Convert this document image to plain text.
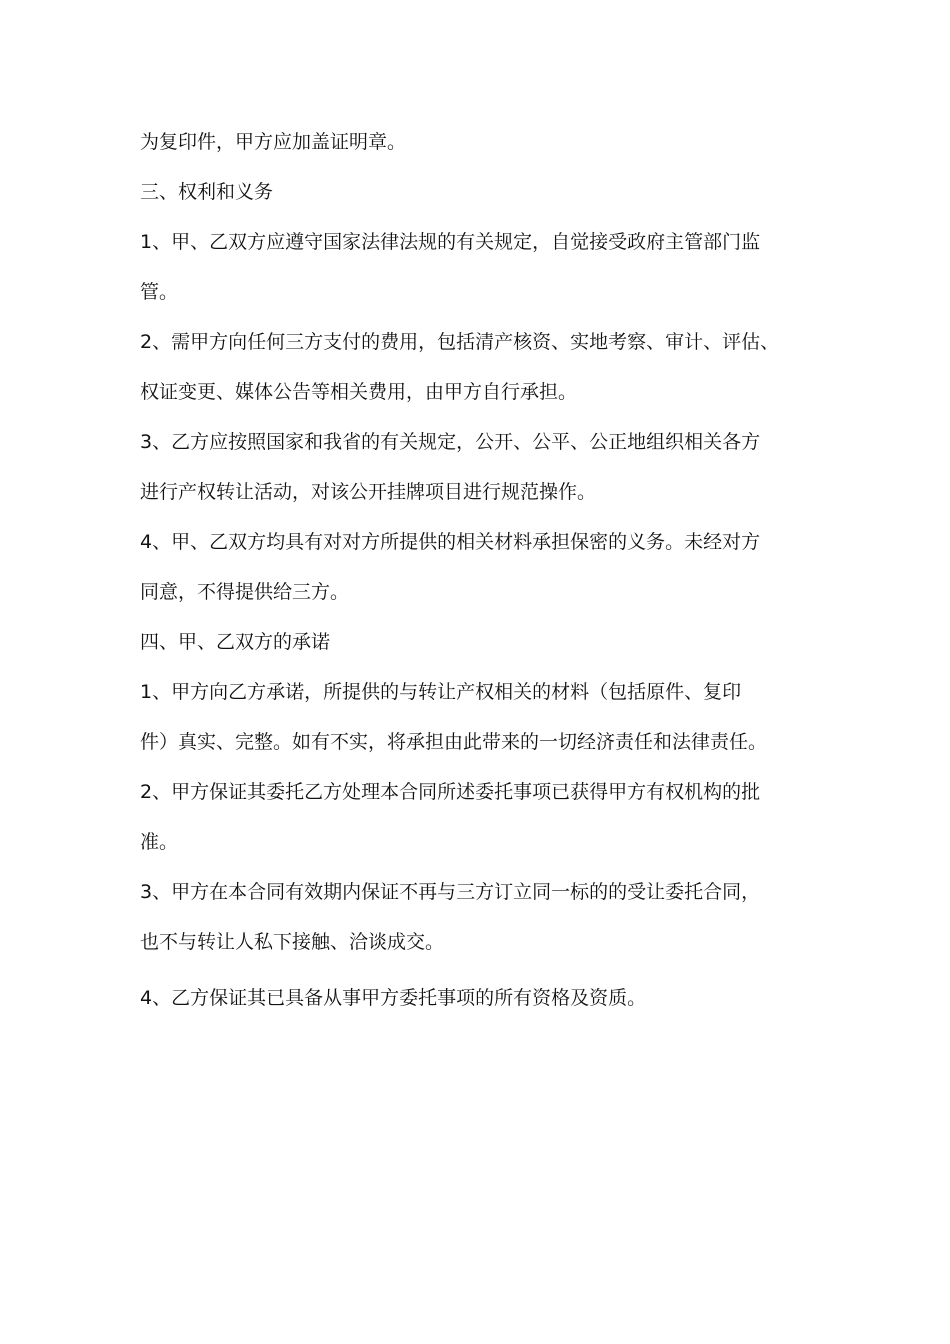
为复印件，甲方应加盖证明章。
三、权利和义务
1、甲、乙双方应遵守国家法律法规的有关规定，自觉接受政府主管部门监
管。
2、需甲方向任何三方支付的费用，包括清产核资、实地考察、审计、评估、
权证变更、媒体公告等相关费用，由甲方自行承担。
3、乙方应按照国家和我省的有关规定，公开、公平、公正地组织相关各方
进行产权转让活动，对该公开挂牌项目进行规范操作。
4、甲、乙双方均具有对对方所提供的相关材料承担保密的义务。未经对方
同意，不得提供给三方。
四、甲、乙双方的承诺
1、甲方向乙方承诺，所提供的与转让产权相关的材料（包括原件、复印
件）真实、完整。如有不实，将承担由此带来的一切经济责任和法律责任。
2、甲方保证其委托乙方处理本合同所述委托事项已获得甲方有权机构的批
准。
3、甲方在本合同有效期内保证不再与三方订立同一标的的受让委托合同，
也不与转让人私下接触、洽谈成交。
4、乙方保证其已具备从事甲方委托事项的所有资格及资质。
